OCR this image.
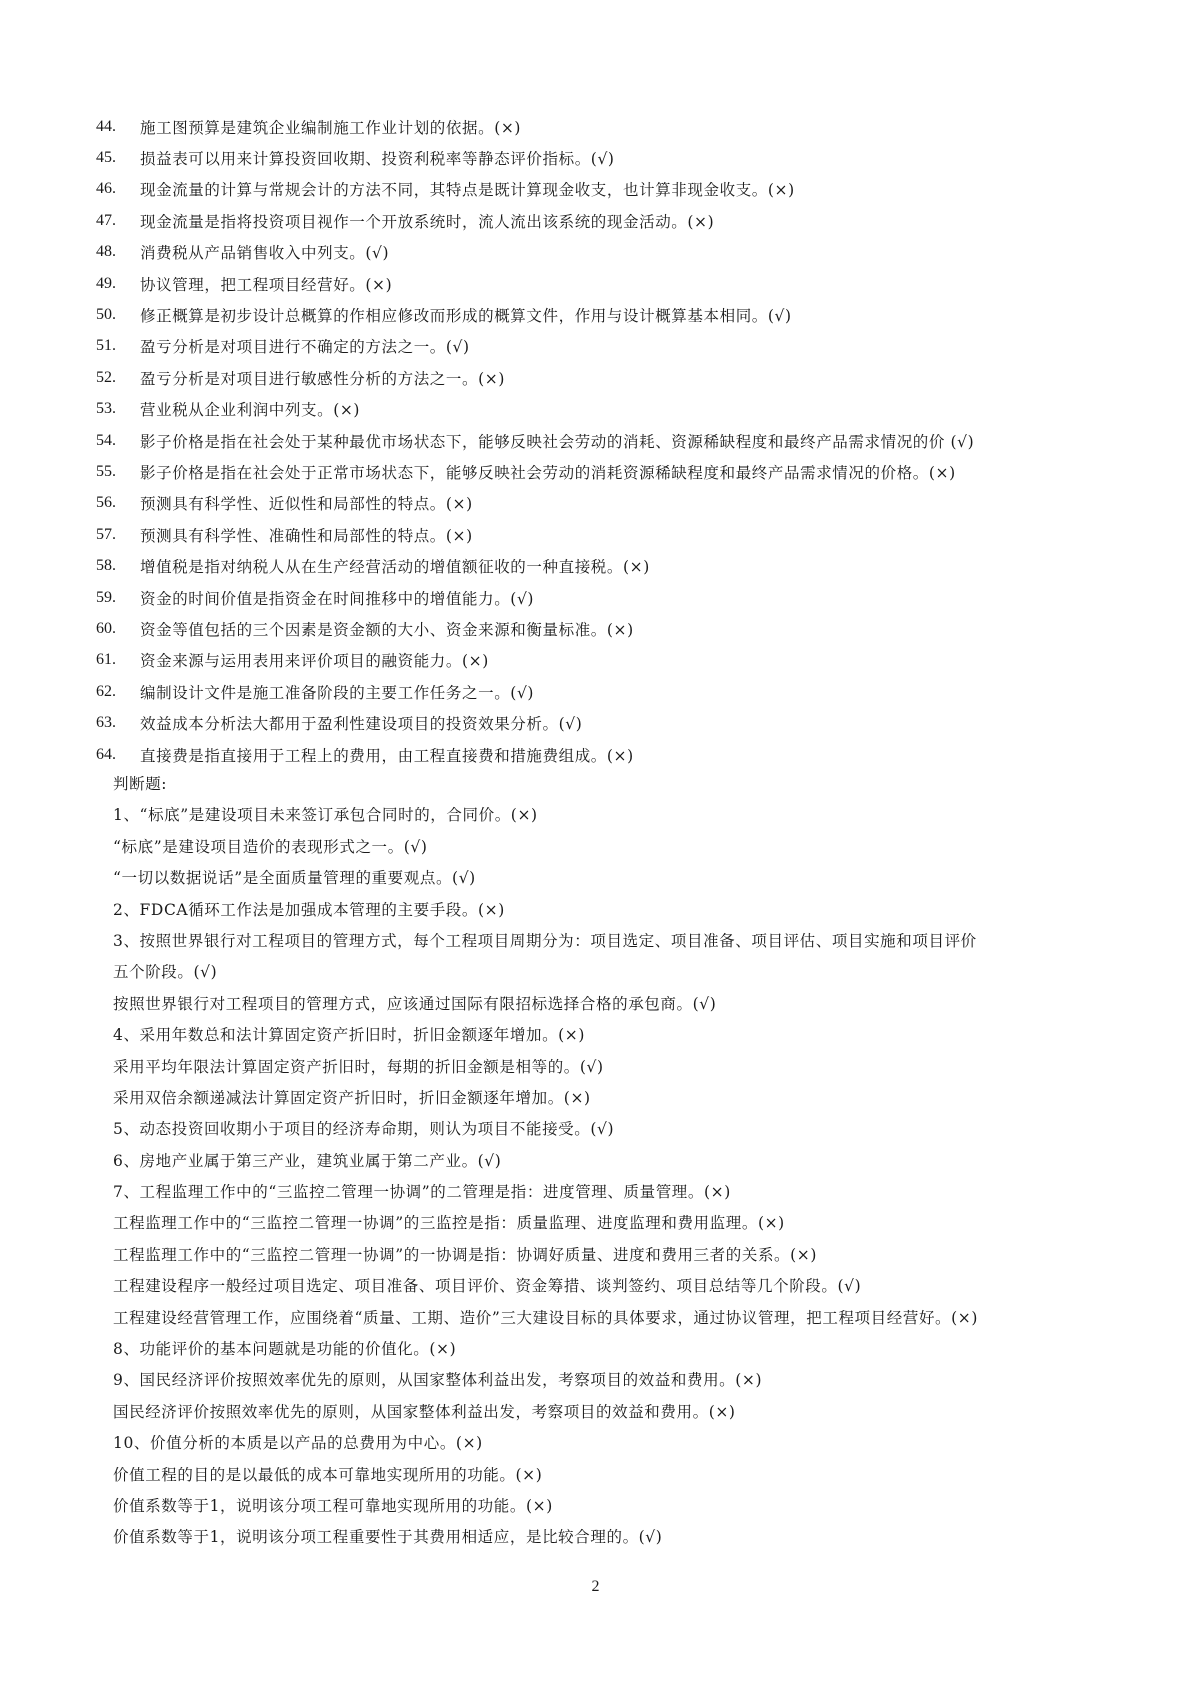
44.	施工图预算是建筑企业编制施工作业计划的依据。(×)
45.	损益表可以用来计算投资回收期、投资利税率等静态评价指标。(√)
46.	现金流量的计算与常规会计的方法不同，其特点是既计算现金收支，也计算非现金收支。(×)
47.	现金流量是指将投资项目视作一个开放系统时，流人流出该系统的现金活动。(×)
48.	消费税从产品销售收入中列支。(√)
49.	协议管理，把工程项目经营好。(×)
50.	修正概算是初步设计总概算的作相应修改而形成的概算文件，作用与设计概算基本相同。(√)
51.	盈亏分析是对项目进行不确定的方法之一。(√)
52.	盈亏分析是对项目进行敏感性分析的方法之一。(×)
53.	营业税从企业利润中列支。(×)
54.	影子价格是指在社会处于某种最优市场状态下，能够反映社会劳动的消耗、资源稀缺程度和最终产品需求情况的价 (√)
55.	影子价格是指在社会处于正常市场状态下，能够反映社会劳动的消耗资源稀缺程度和最终产品需求情况的价格。(×)
56.	预测具有科学性、近似性和局部性的特点。(×)
57.	预测具有科学性、准确性和局部性的特点。(×)
58.	增值税是指对纳税人从在生产经营活动的增值额征收的一种直接税。(×)
59.	资金的时间价值是指资金在时间推移中的增值能力。(√)
60.	资金等值包括的三个因素是资金额的大小、资金来源和衡量标准。(×)
61.	资金来源与运用表用来评价项目的融资能力。(×)
62.	编制设计文件是施工准备阶段的主要工作任务之一。(√)
63.	效益成本分析法大都用于盈利性建设项目的投资效果分析。(√)
64.	直接费是指直接用于工程上的费用，由工程直接费和措施费组成。(×)
判断题:
1、“标底”是建设项目未来签订承包合同时的，合同价。(×)
“标底”是建设项目造价的表现形式之一。(√)
“一切以数据说话”是全面质量管理的重要观点。(√)
2、FDCA循环工作法是加强成本管理的主要手段。(×)
3、按照世界银行对工程项目的管理方式，每个工程项目周期分为：项目选定、项目准备、项目评估、项目实施和项目评价
五个阶段。(√)
按照世界银行对工程项目的管理方式，应该通过国际有限招标选择合格的承包商。(√)
4、采用年数总和法计算固定资产折旧时，折旧金额逐年增加。(×)
采用平均年限法计算固定资产折旧时，每期的折旧金额是相等的。(√)
采用双倍余额递减法计算固定资产折旧时，折旧金额逐年增加。(×)
5、动态投资回收期小于项目的经济寿命期，则认为项目不能接受。(√)
6、房地产业属于第三产业，建筑业属于第二产业。(√)
7、工程监理工作中的“三监控二管理一协调”的二管理是指：进度管理、质量管理。(×)
工程监理工作中的“三监控二管理一协调”的三监控是指：质量监理、进度监理和费用监理。(×)
工程监理工作中的“三监控二管理一协调”的一协调是指：协调好质量、进度和费用三者的关系。(×)
工程建设程序一般经过项目选定、项目准备、项目评价、资金筹措、谈判签约、项目总结等几个阶段。(√)
工程建设经营管理工作，应围绕着“质量、工期、造价”三大建设目标的具体要求，通过协议管理，把工程项目经营好。(×)
8、功能评价的基本问题就是功能的价值化。(×)
9、国民经济评价按照效率优先的原则，从国家整体利益出发，考察项目的效益和费用。(×)
国民经济评价按照效率优先的原则，从国家整体利益出发，考察项目的效益和费用。(×)
10、价值分析的本质是以产品的总费用为中心。(×)
价值工程的目的是以最低的成本可靠地实现所用的功能。(×)
价值系数等于1，说明该分项工程可靠地实现所用的功能。(×)
价值系数等于1，说明该分项工程重要性于其费用相适应，是比较合理的。(√)
2
